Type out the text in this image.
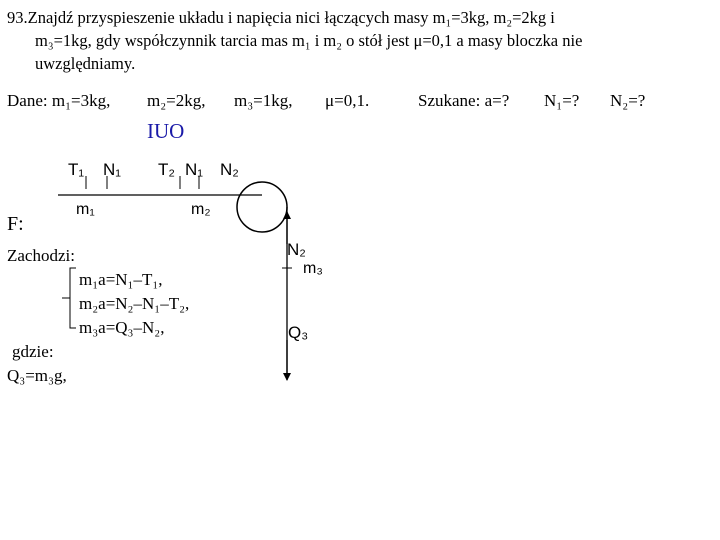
93.Znajdź przyspieszenie układu i napięcia nici łączących masy m₁=3kg, m₂=2kg i
m₃=1kg, gdy współczynnik tarcia mas m₁ i m₂ o stół jest μ=0,1 a masy bloczka nie
uwzględniamy.
Dane: m₁=3kg, m₂=2kg, m₃=1kg, μ=0,1.	Szukane: a=? N₁=? N₂=?
IUO
T₁ N₁ T₂ N₁ N₂
m₁	m₂
N₂
m₃
Q₃
F:
Zachodzi:
m₁a=N₁–T₁,
m₂a=N₂–N₁–T₂,
m₃a=Q₃–N₂,
gdzie:
Q₃=m₃g,
